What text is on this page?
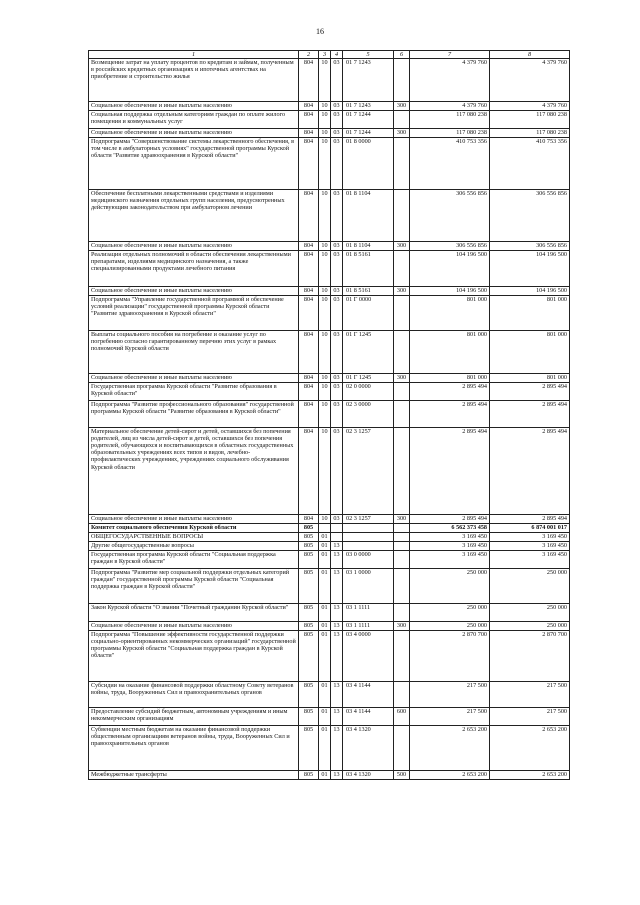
16
1	2	3	4	5	6	7	8
Возмещение затрат на уплату процентов по кредитам и займам, полученным в российских кредитных организациях и ипотечных агентствах на приобретение и строительство жилья	804	10	03	01 7 1243		4 379 760	4 379 760
Социальное обеспечение и иные выплаты населению	804	10	03	01 7 1243	300	4 379 760	4 379 760
Социальная поддержка отдельным категориям граждан по оплате жилого помещения и коммунальных услуг	804	10	03	01 7 1244		117 080 238	117 080 238
Социальное обеспечение и иные выплаты населению	804	10	03	01 7 1244	300	117 080 238	117 080 238
Подпрограмма "Совершенствование системы лекарственного обеспечения, в том числе в амбулаторных условиях" государственной программы Курской области "Развитие здравоохранения в Курской области"	804	10	03	01 8 0000		410 753 356	410 753 356
Обеспечение бесплатными лекарственными средствами и изделиями медицинского назначения отдельных групп населения, предусмотренных действующим законодательством при амбулаторном лечении	804	10	03	01 8 1104		306 556 856	306 556 856
Социальное обеспечение и иные выплаты населению	804	10	03	01 8 1104	300	306 556 856	306 556 856
Реализация отдельных полномочий в области обеспечения лекарственными препаратами, изделиями медицинского назначения, а также специализированными продуктами лечебного питания	804	10	03	01 8 5161		104 196 500	104 196 500
Социальное обеспечение и иные выплаты населению	804	10	03	01 8 5161	300	104 196 500	104 196 500
Подпрограмма "Управление государственной программой и обеспечение условий реализации" государственной программы Курской области "Развитие здравоохранения в Курской области"	804	10	03	01 Г 0000		801 000	801 000
Выплаты социального пособия на погребение и оказание услуг по погребению согласно гарантированному перечню этих услуг в рамках полномочий Курской области	804	10	03	01 Г 1245		801 000	801 000
Социальное обеспечение и иные выплаты населению	804	10	03	01 Г 1245	300	801 000	801 000
Государственная программа Курской области "Развитие образования в Курской области"	804	10	03	02 0 0000		2 895 494	2 895 494
Подпрограмма "Развитие профессионального образования" государственной программы Курской области "Развитие образования в Курской области"	804	10	03	02 3 0000		2 895 494	2 895 494
Материальное обеспечение детей-сирот и детей, оставшихся без попечения родителей, лиц из числа детей-сирот и детей, оставшихся без попечения родителей, обучающихся и воспитывающихся в областных государственных образовательных учреждениях всех типов и видов, лечебно-профилактических учреждениях, учреждениях социального обслуживания Курской области	804	10	03	02 3 1257		2 895 494	2 895 494
Социальное обеспечение и иные выплаты населению	804	10	03	02 3 1257	300	2 895 494	2 895 494
Комитет социального обеспечения Курской области	805					6 562 373 458	6 874 001 017
ОБЩЕГОСУДАРСТВЕННЫЕ ВОПРОСЫ	805	01				3 169 450	3 169 450
Другие общегосударственные вопросы	805	01	13			3 169 450	3 169 450
Государственная программа Курской области "Социальная поддержка граждан в Курской области"	805	01	13	03 0 0000		3 169 450	3 169 450
Подпрограмма "Развитие мер социальной поддержки отдельных категорий граждан" государственной программы Курской области "Социальная поддержка граждан в Курской области"	805	01	13	03 1 0000		250 000	250 000
Закон Курской области "О звании "Почетный гражданин Курской области"	805	01	13	03 1 1111		250 000	250 000
Социальное обеспечение и иные выплаты населению	805	01	13	03 1 1111	300	250 000	250 000
Подпрограмма "Повышение эффективности государственной поддержки социально-ориентированных некоммерческих организаций" государственной программы Курской области "Социальная поддержка граждан в Курской области"	805	01	13	03 4 0000		2 870 700	2 870 700
Субсидии на оказание финансовой поддержки областному Совету ветеранов войны, труда, Вооруженных Сил и правоохранительных органов	805	01	13	03 4 1144		217 500	217 500
Предоставление субсидий бюджетным, автономным учреждениям и иным некоммерческим организациям	805	01	13	03 4 1144	600	217 500	217 500
Субвенции местным бюджетам на оказание финансовой поддержки общественным организациям ветеранов войны, труда, Вооруженных Сил и правоохранительных органов	805	01	13	03 4 1320		2 653 200	2 653 200
Межбюджетные трансферты	805	01	13	03 4 1320	500	2 653 200	2 653 200
